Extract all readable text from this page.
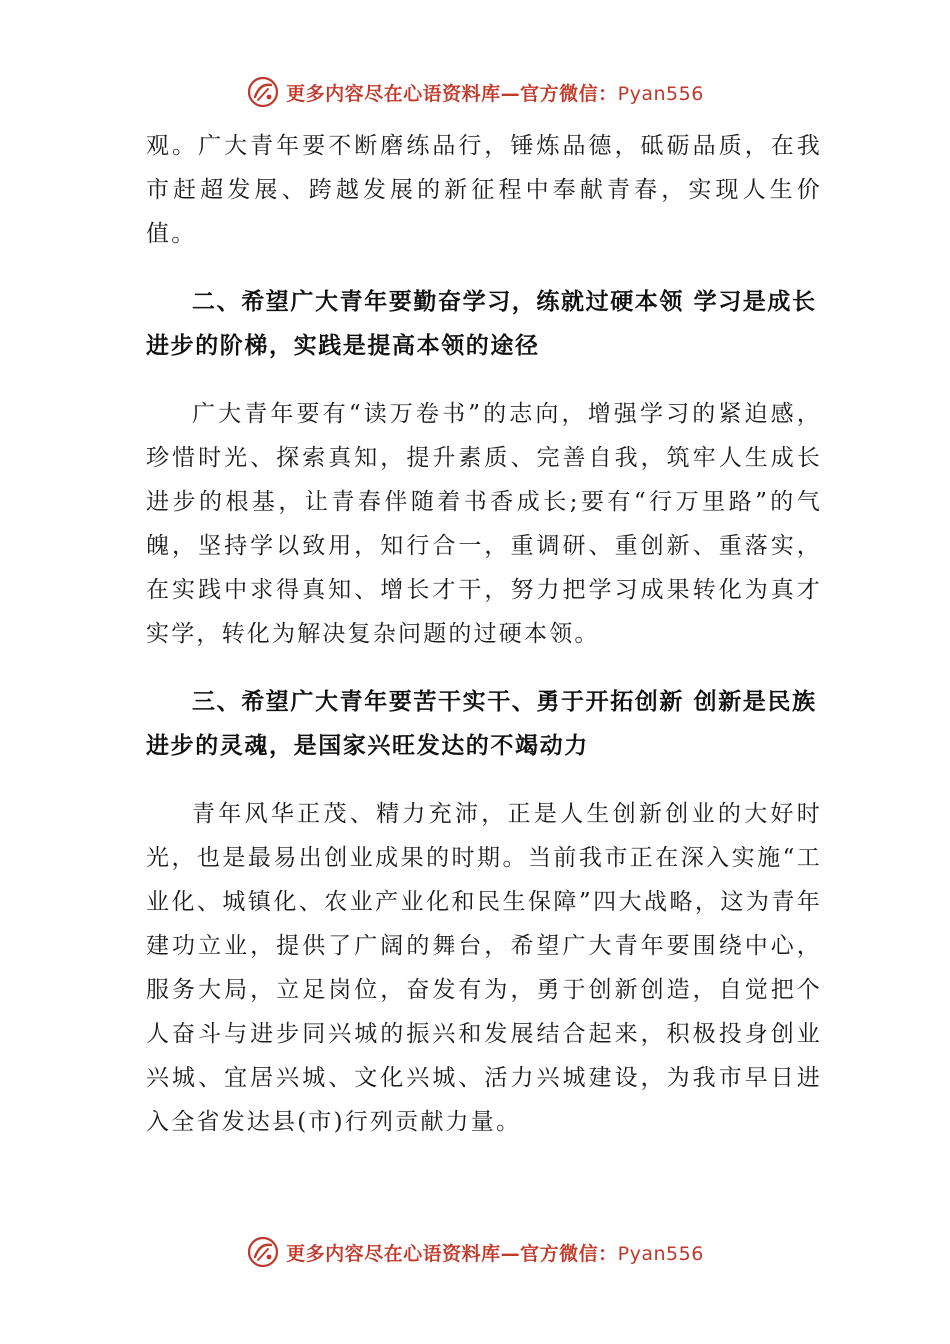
更多内容尽在心语资料库—官方微信：Pyan556

观。广大青年要不断磨练品行，锤炼品德，砥砺品质，在我市赶超发展、跨越发展的新征程中奉献青春，实现人生价值。

二、希望广大青年要勤奋学习，练就过硬本领 学习是成长进步的阶梯，实践是提高本领的途径

广大青年要有“读万卷书”的志向，增强学习的紧迫感，珍惜时光、探索真知，提升素质、完善自我，筑牢人生成长进步的根基，让青春伴随着书香成长;要有“行万里路”的气魄，坚持学以致用，知行合一，重调研、重创新、重落实， 在实践中求得真知、增长才干，努力把学习成果转化为真才实学，转化为解决复杂问题的过硬本领。

三、希望广大青年要苦干实干、勇于开拓创新 创新是民族进步的灵魂，是国家兴旺发达的不竭动力

青年风华正茂、精力充沛，正是人生创新创业的大好时光，也是最易出创业成果的时期。当前我市正在深入实施“工业化、城镇化、农业产业化和民生保障”四大战略，这为青年建功立业，提供了广阔的舞台，希望广大青年要围绕中心，服务大局，立足岗位，奋发有为，勇于创新创造，自觉把个人奋斗与进步同兴城的振兴和发展结合起来，积极投身创业兴城、宜居兴城、文化兴城、活力兴城建设，为我市早日进入全省发达县(市)行列贡献力量。

更多内容尽在心语资料库—官方微信：Pyan556
